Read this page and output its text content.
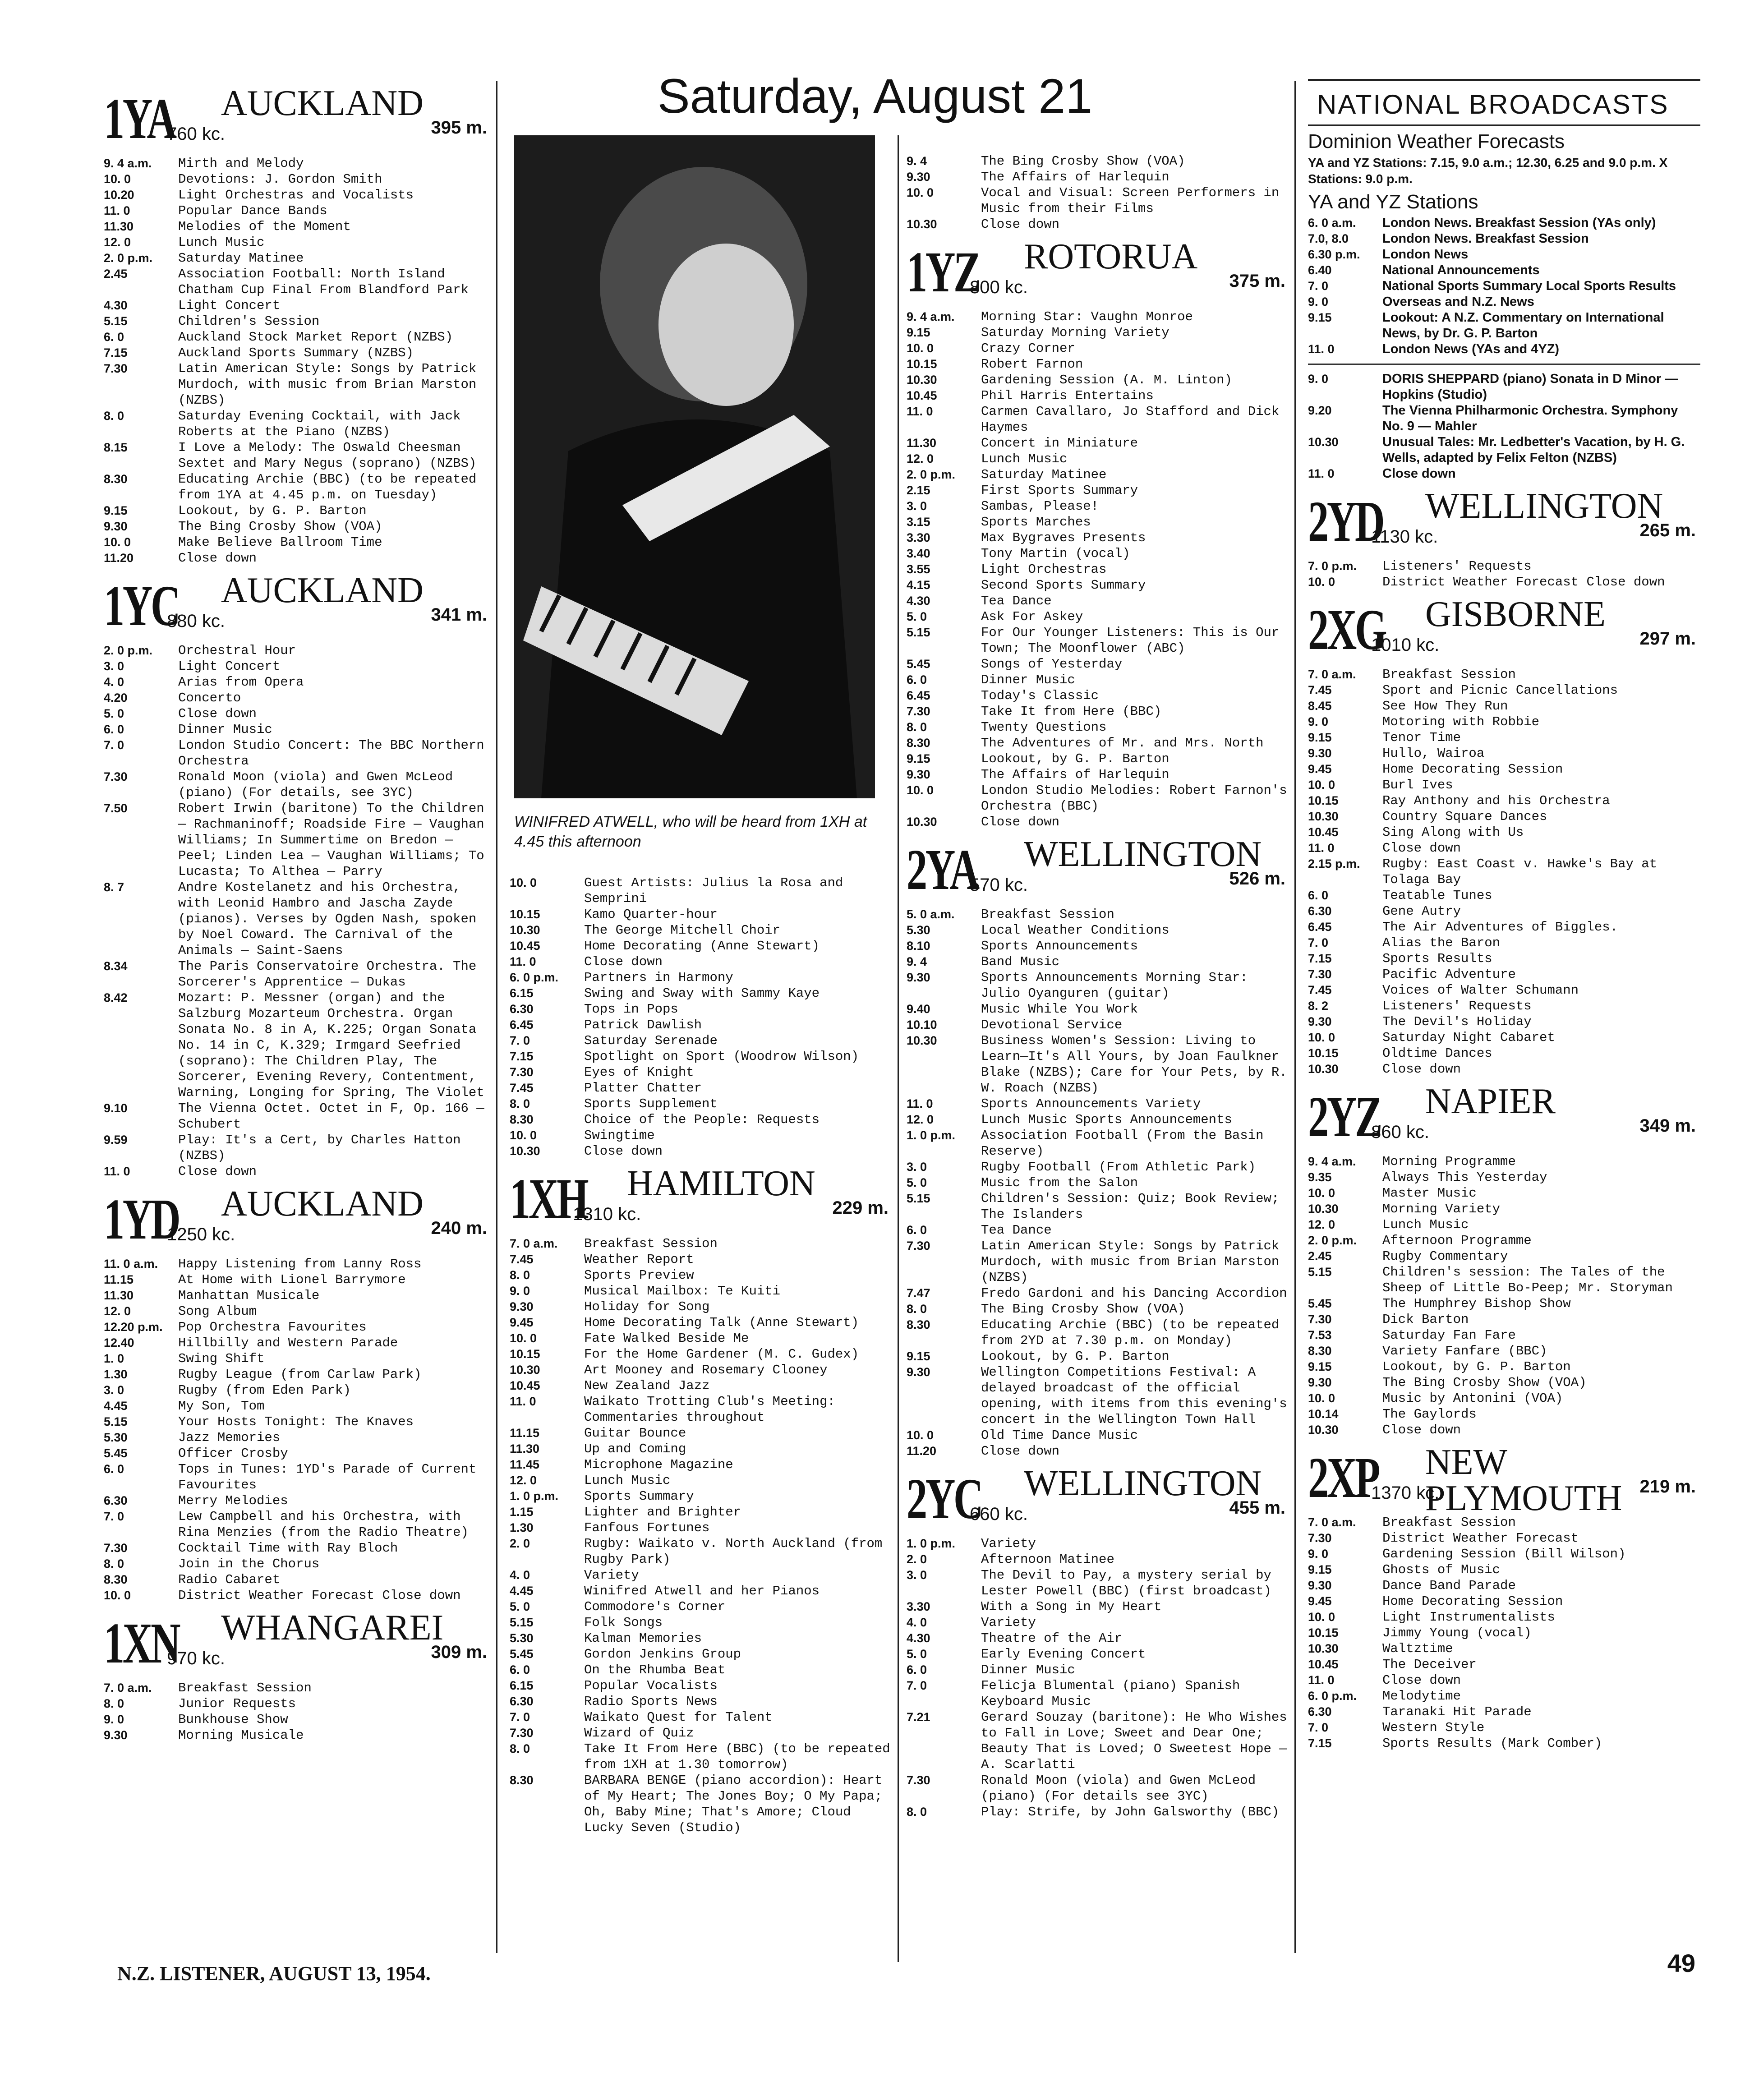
Saturday, August 21
1YA AUCKLAND
760 kc.	395 m.
9. 4 a.m.	Mirth and Melody
10. 0	Devotions: J. Gordon Smith
10.20	Light Orchestras and Vocalists
11. 0	Popular Dance Bands
11.30	Melodies of the Moment
12. 0	Lunch Music
2. 0 p.m.	Saturday Matinee
2.45	Association Football: North Island Chatham Cup Final From Blandford Park
4.30	Light Concert
5.15	Children's Session
6. 0	Auckland Stock Market Report (NZBS)
7.15	Auckland Sports Summary (NZBS)
7.30	Latin American Style: Songs by Patrick Murdoch, with music from Brian Marston (NZBS)
8. 0	Saturday Evening Cocktail, with Jack Roberts at the Piano (NZBS)
8.15	I Love a Melody: The Oswald Cheesman Sextet and Mary Negus (soprano) (NZBS)
8.30	Educating Archie (BBC) (to be repeated from 1YA at 4.45 p.m. on Tuesday)
9.15	Lookout, by G. P. Barton
9.30	The Bing Crosby Show (VOA)
10. 0	Make Believe Ballroom Time
11.20	Close down
1YC AUCKLAND
880 kc.	341 m.
2. 0 p.m.	Orchestral Hour
3. 0	Light Concert
4. 0	Arias from Opera
4.20	Concerto
5. 0	Close down
6. 0	Dinner Music
7. 0	London Studio Concert: The BBC Northern Orchestra
7.30	Ronald Moon (viola) and Gwen McLeod (piano) (For details, see 3YC)
7.50	Robert Irwin (baritone) To the Children — Rachmaninoff; Roadside Fire — Vaughan Williams; In Summertime on Bredon — Peel; Linden Lea — Vaughan Williams; To Lucasta; To Althea — Parry
8. 7	Andre Kostelanetz and his Orchestra, with Leonid Hambro and Jascha Zayde (pianos). Verses by Ogden Nash, spoken by Noel Coward. The Carnival of the Animals — Saint-Saens
8.34	The Paris Conservatoire Orchestra. The Sorcerer's Apprentice — Dukas
8.42	Mozart: P. Messner (organ) and the Salzburg Mozarteum Orchestra. Organ Sonata No. 8 in A, K.225; Organ Sonata No. 14 in C, K.329; Irmgard Seefried (soprano): The Children Play, The Sorcerer, Evening Revery, Contentment, Warning, Longing for Spring, The Violet
9.10	The Vienna Octet. Octet in F, Op. 166 — Schubert
9.59	Play: It's a Cert, by Charles Hatton (NZBS)
11. 0	Close down
1YD AUCKLAND
1250 kc.	240 m.
11. 0 a.m.	Happy Listening from Lanny Ross
11.15	At Home with Lionel Barrymore
11.30	Manhattan Musicale
12. 0	Song Album
12.20 p.m.	Pop Orchestra Favourites
12.40	Hillbilly and Western Parade
1. 0	Swing Shift
1.30	Rugby League (from Carlaw Park)
3. 0	Rugby (from Eden Park)
4.45	My Son, Tom
5.15	Your Hosts Tonight: The Knaves
5.30	Jazz Memories
5.45	Officer Crosby
6. 0	Tops in Tunes: 1YD's Parade of Current Favourites
6.30	Merry Melodies
7. 0	Lew Campbell and his Orchestra, with Rina Menzies (from the Radio Theatre)
7.30	Cocktail Time with Ray Bloch
8. 0	Join in the Chorus
8.30	Radio Cabaret
10. 0	District Weather Forecast Close down
1XN WHANGAREI
970 kc.	309 m.
7. 0 a.m.	Breakfast Session
8. 0	Junior Requests
9. 0	Bunkhouse Show
9.30	Morning Musicale
WINIFRED ATWELL, who will be heard from 1XH at 4.45 this afternoon
10. 0	Guest Artists: Julius la Rosa and Semprini
10.15	Kamo Quarter-hour
10.30	The George Mitchell Choir
10.45	Home Decorating (Anne Stewart)
11. 0	Close down
6. 0 p.m.	Partners in Harmony
6.15	Swing and Sway with Sammy Kaye
6.30	Tops in Pops
6.45	Patrick Dawlish
7. 0	Saturday Serenade
7.15	Spotlight on Sport (Woodrow Wilson)
7.30	Eyes of Knight
7.45	Platter Chatter
8. 0	Sports Supplement
8.30	Choice of the People: Requests
10. 0	Swingtime
10.30	Close down
1XH HAMILTON
1310 kc.	229 m.
7. 0 a.m.	Breakfast Session
7.45	Weather Report
8. 0	Sports Preview
9. 0	Musical Mailbox: Te Kuiti
9.30	Holiday for Song
9.45	Home Decorating Talk (Anne Stewart)
10. 0	Fate Walked Beside Me
10.15	For the Home Gardener (M. C. Gudex)
10.30	Art Mooney and Rosemary Clooney
10.45	New Zealand Jazz
11. 0	Waikato Trotting Club's Meeting: Commentaries throughout
11.15	Guitar Bounce
11.30	Up and Coming
11.45	Microphone Magazine
12. 0	Lunch Music
1. 0 p.m.	Sports Summary
1.15	Lighter and Brighter
1.30	Fanfous Fortunes
2. 0	Rugby: Waikato v. North Auckland (from Rugby Park)
4. 0	Variety
4.45	Winifred Atwell and her Pianos
5. 0	Commodore's Corner
5.15	Folk Songs
5.30	Kalman Memories
5.45	Gordon Jenkins Group
6. 0	On the Rhumba Beat
6.15	Popular Vocalists
6.30	Radio Sports News
7. 0	Waikato Quest for Talent
7.30	Wizard of Quiz
8. 0	Take It From Here (BBC) (to be repeated from 1XH at 1.30 tomorrow)
8.30	BARBARA BENGE (piano accordion): Heart of My Heart; The Jones Boy; O My Papa; Oh, Baby Mine; That's Amore; Cloud Lucky Seven (Studio)
9. 4	The Bing Crosby Show (VOA)
9.30	The Affairs of Harlequin
10. 0	Vocal and Visual: Screen Performers in Music from their Films
10.30	Close down
1YZ ROTORUA
800 kc.	375 m.
9. 4 a.m.	Morning Star: Vaughn Monroe
9.15	Saturday Morning Variety
10. 0	Crazy Corner
10.15	Robert Farnon
10.30	Gardening Session (A. M. Linton)
10.45	Phil Harris Entertains
11. 0	Carmen Cavallaro, Jo Stafford and Dick Haymes
11.30	Concert in Miniature
12. 0	Lunch Music
2. 0 p.m.	Saturday Matinee
2.15	First Sports Summary
3. 0	Sambas, Please!
3.15	Sports Marches
3.30	Max Bygraves Presents
3.40	Tony Martin (vocal)
3.55	Light Orchestras
4.15	Second Sports Summary
4.30	Tea Dance
5. 0	Ask For Askey
5.15	For Our Younger Listeners: This is Our Town; The Moonflower (ABC)
5.45	Songs of Yesterday
6. 0	Dinner Music
6.45	Today's Classic
7.30	Take It from Here (BBC)
8. 0	Twenty Questions
8.30	The Adventures of Mr. and Mrs. North
9.15	Lookout, by G. P. Barton
9.30	The Affairs of Harlequin
10. 0	London Studio Melodies: Robert Farnon's Orchestra (BBC)
10.30	Close down
2YA WELLINGTON
570 kc.	526 m.
5. 0 a.m.	Breakfast Session
5.30	Local Weather Conditions
8.10	Sports Announcements
9. 4	Band Music
9.30	Sports Announcements Morning Star: Julio Oyanguren (guitar)
9.40	Music While You Work
10.10	Devotional Service
10.30	Business Women's Session: Living to Learn—It's All Yours, by Joan Faulkner Blake (NZBS); Care for Your Pets, by R. W. Roach (NZBS)
11. 0	Sports Announcements Variety
12. 0	Lunch Music Sports Announcements
1. 0 p.m.	Association Football (From the Basin Reserve)
3. 0	Rugby Football (From Athletic Park)
5. 0	Music from the Salon
5.15	Children's Session: Quiz; Book Review; The Islanders
6. 0	Tea Dance
7.30	Latin American Style: Songs by Patrick Murdoch, with music from Brian Marston (NZBS)
7.47	Fredo Gardoni and his Dancing Accordion
8. 0	The Bing Crosby Show (VOA)
8.30	Educating Archie (BBC) (to be repeated from 2YD at 7.30 p.m. on Monday)
9.15	Lookout, by G. P. Barton
9.30	Wellington Competitions Festival: A delayed broadcast of the official opening, with items from this evening's concert in the Wellington Town Hall
10. 0	Old Time Dance Music
11.20	Close down
2YC WELLINGTON
660 kc.	455 m.
1. 0 p.m.	Variety
2. 0	Afternoon Matinee
3. 0	The Devil to Pay, a mystery serial by Lester Powell (BBC) (first broadcast)
3.30	With a Song in My Heart
4. 0	Variety
4.30	Theatre of the Air
5. 0	Early Evening Concert
6. 0	Dinner Music
7. 0	Felicja Blumental (piano) Spanish Keyboard Music
7.21	Gerard Souzay (baritone): He Who Wishes to Fall in Love; Sweet and Dear One; Beauty That is Loved; O Sweetest Hope — A. Scarlatti
7.30	Ronald Moon (viola) and Gwen McLeod (piano) (For details see 3YC)
8. 0	Play: Strife, by John Galsworthy (BBC)
NATIONAL BROADCASTS
Dominion Weather Forecasts
YA and YZ Stations: 7.15, 9.0 a.m.; 12.30, 6.25 and 9.0 p.m. X Stations: 9.0 p.m.
YA and YZ Stations
6. 0 a.m.	London News. Breakfast Session (YAs only)
7.0, 8.0	London News. Breakfast Session
6.30 p.m.	London News
6.40	National Announcements
7. 0	National Sports Summary Local Sports Results
9. 0	Overseas and N.Z. News
9.15	Lookout: A N.Z. Commentary on International News, by Dr. G. P. Barton
11. 0	London News (YAs and 4YZ)
9. 0	DORIS SHEPPARD (piano) Sonata in D Minor — Hopkins (Studio)
9.20	The Vienna Philharmonic Orchestra. Symphony No. 9 — Mahler
10.30	Unusual Tales: Mr. Ledbetter's Vacation, by H. G. Wells, adapted by Felix Felton (NZBS)
11. 0	Close down
2YD WELLINGTON
1130 kc.	265 m.
7. 0 p.m.	Listeners' Requests
10. 0	District Weather Forecast Close down
2XG GISBORNE
1010 kc.	297 m.
7. 0 a.m.	Breakfast Session
7.45	Sport and Picnic Cancellations
8.45	See How They Run
9. 0	Motoring with Robbie
9.15	Tenor Time
9.30	Hullo, Wairoa
9.45	Home Decorating Session
10. 0	Burl Ives
10.15	Ray Anthony and his Orchestra
10.30	Country Square Dances
10.45	Sing Along with Us
11. 0	Close down
2.15 p.m.	Rugby: East Coast v. Hawke's Bay at Tolaga Bay
6. 0	Teatable Tunes
6.30	Gene Autry
6.45	The Air Adventures of Biggles.
7. 0	Alias the Baron
7.15	Sports Results
7.30	Pacific Adventure
7.45	Voices of Walter Schumann
8. 2	Listeners' Requests
9.30	The Devil's Holiday
10. 0	Saturday Night Cabaret
10.15	Oldtime Dances
10.30	Close down
2YZ NAPIER
860 kc.	349 m.
9. 4 a.m.	Morning Programme
9.35	Always This Yesterday
10. 0	Master Music
10.30	Morning Variety
12. 0	Lunch Music
2. 0 p.m.	Afternoon Programme
2.45	Rugby Commentary
5.15	Children's session: The Tales of the Sheep of Little Bo-Peep; Mr. Storyman
5.45	The Humphrey Bishop Show
7.30	Dick Barton
7.53	Saturday Fan Fare
8.30	Variety Fanfare (BBC)
9.15	Lookout, by G. P. Barton
9.30	The Bing Crosby Show (VOA)
10. 0	Music by Antonini (VOA)
10.14	The Gaylords
10.30	Close down
2XP NEW PLYMOUTH
1370 kc.	219 m.
7. 0 a.m.	Breakfast Session
7.30	District Weather Forecast
9. 0	Gardening Session (Bill Wilson)
9.15	Ghosts of Music
9.30	Dance Band Parade
9.45	Home Decorating Session
10. 0	Light Instrumentalists
10.15	Jimmy Young (vocal)
10.30	Waltztime
10.45	The Deceiver
11. 0	Close down
6. 0 p.m.	Melodytime
6.30	Taranaki Hit Parade
7. 0	Western Style
7.15	Sports Results (Mark Comber)
N.Z. LISTENER, AUGUST 13, 1954.	49
